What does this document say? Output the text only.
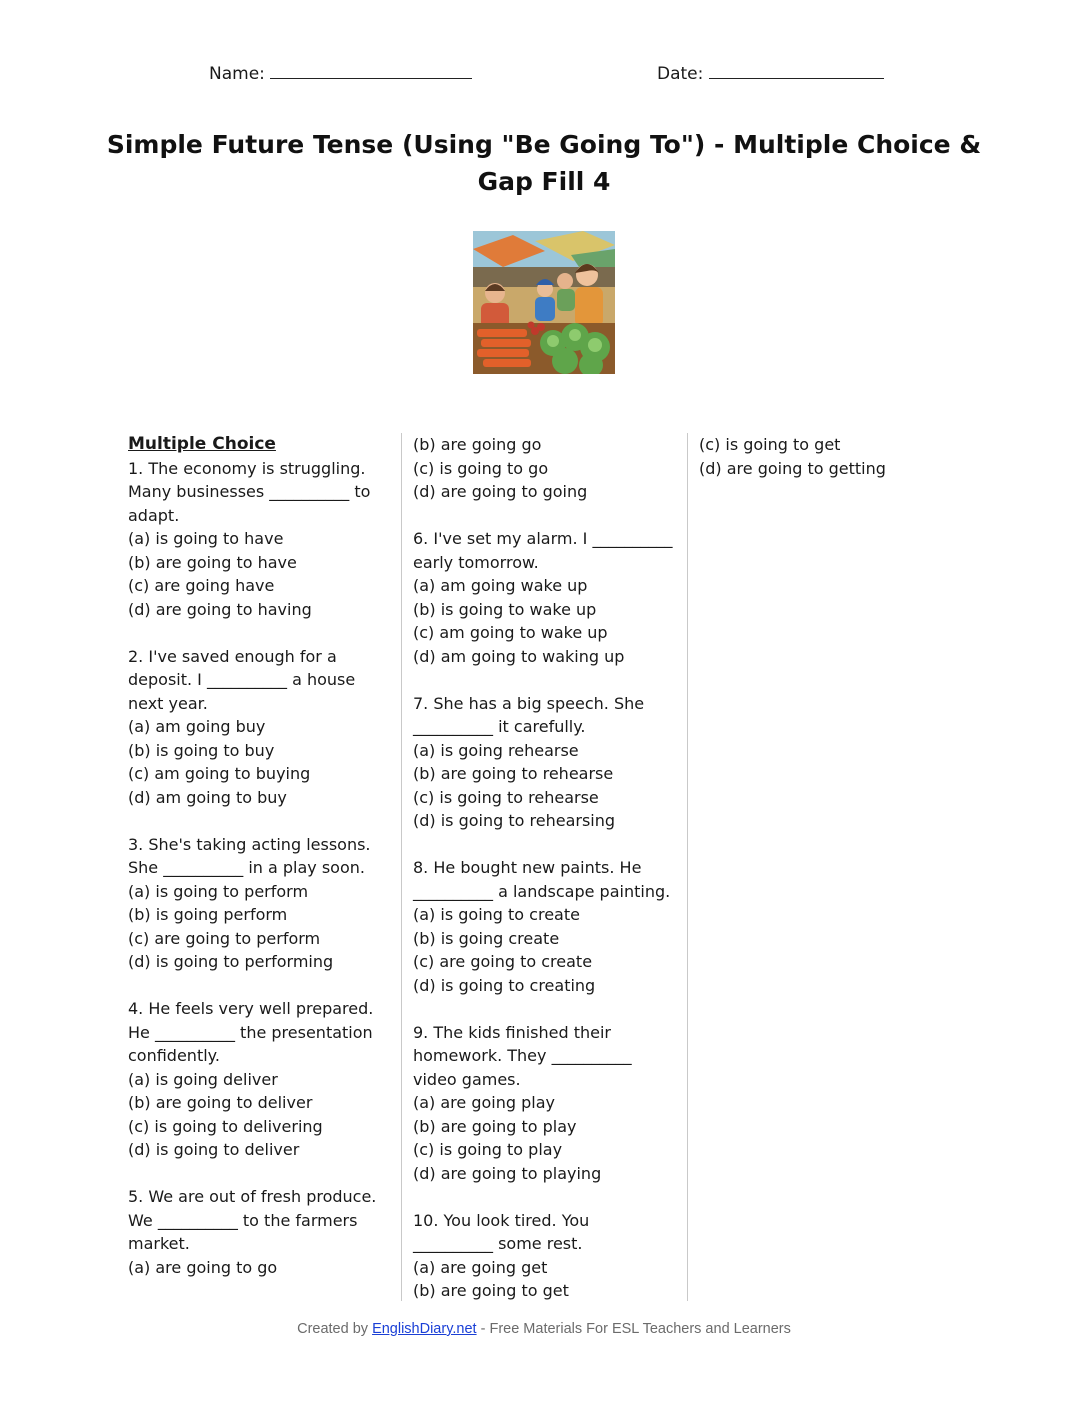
Name:	Date:
Simple Future Tense (Using "Be Going To") - Multiple Choice & Gap Fill 4

Multiple Choice

1. The economy is struggling.

Many businesses __________ to

adapt.

(a) is going to have

(b) are going to have

(c) are going have

(d) are going to having

2. I've saved enough for a

deposit. I __________ a house

next year.

(a) am going buy

(b) is going to buy

(c) am going to buying

(d) am going to buy

3. She's taking acting lessons.

She __________ in a play soon.

(a) is going to perform

(b) is going perform

(c) are going to perform

(d) is going to performing

4. He feels very well prepared.

He __________ the presentation

confidently.

(a) is going deliver

(b) are going to deliver

(c) is going to delivering

(d) is going to deliver

5. We are out of fresh produce.

We __________ to the farmers

market.

(a) are going to go

(b) are going go

(c) is going to go

(d) are going to going

6. I've set my alarm. I __________

early tomorrow.

(a) am going wake up

(b) is going to wake up

(c) am going to wake up

(d) am going to waking up

7. She has a big speech. She

__________ it carefully.

(a) is going rehearse

(b) are going to rehearse

(c) is going to rehearse

(d) is going to rehearsing

8. He bought new paints. He

__________ a landscape painting.

(a) is going to create

(b) is going create

(c) are going to create

(d) is going to creating

9. The kids finished their

homework. They __________

video games.

(a) are going play

(b) are going to play

(c) is going to play

(d) are going to playing

10. You look tired. You

__________ some rest.

(a) are going get

(b) are going to get

(c) is going to get

(d) are going to getting

Created by EnglishDiary.net - Free Materials For ESL Teachers and Learners
